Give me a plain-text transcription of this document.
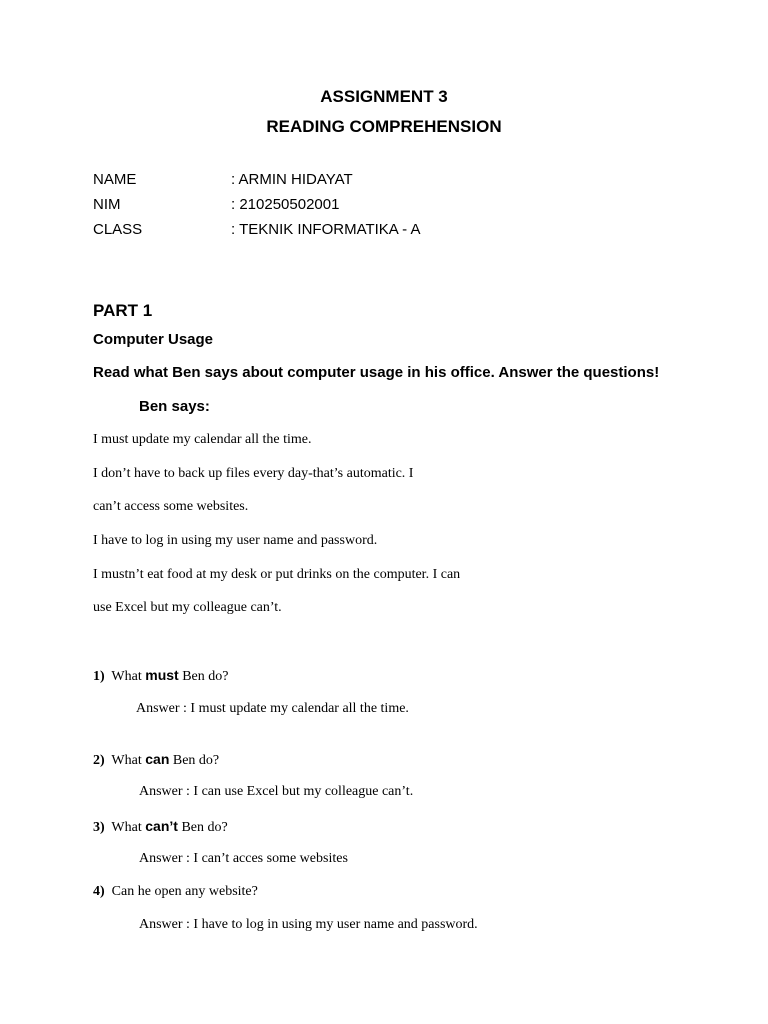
ASSIGNMENT 3
READING COMPREHENSION
NAME	: ARMIN HIDAYAT
NIM	: 210250502001
CLASS	: TEKNIK INFORMATIKA - A
PART 1
Computer Usage
Read what Ben says about computer usage in his office. Answer the questions!
Ben says:
I must update my calendar all the time.
I don’t have to back up files every day-that’s automatic. I
can’t access some websites.
I have to log in using my user name and password.
I mustn’t eat food at my desk or put drinks on the computer. I can
use Excel but my colleague can’t.
1) What must Ben do?
Answer : I must update my calendar all the time.
2) What can Ben do?
Answer : I can use Excel but my colleague can’t.
3) What can’t Ben do?
Answer : I can’t acces some websites
4) Can he open any website?
Answer : I have to log in using my user name and password.
